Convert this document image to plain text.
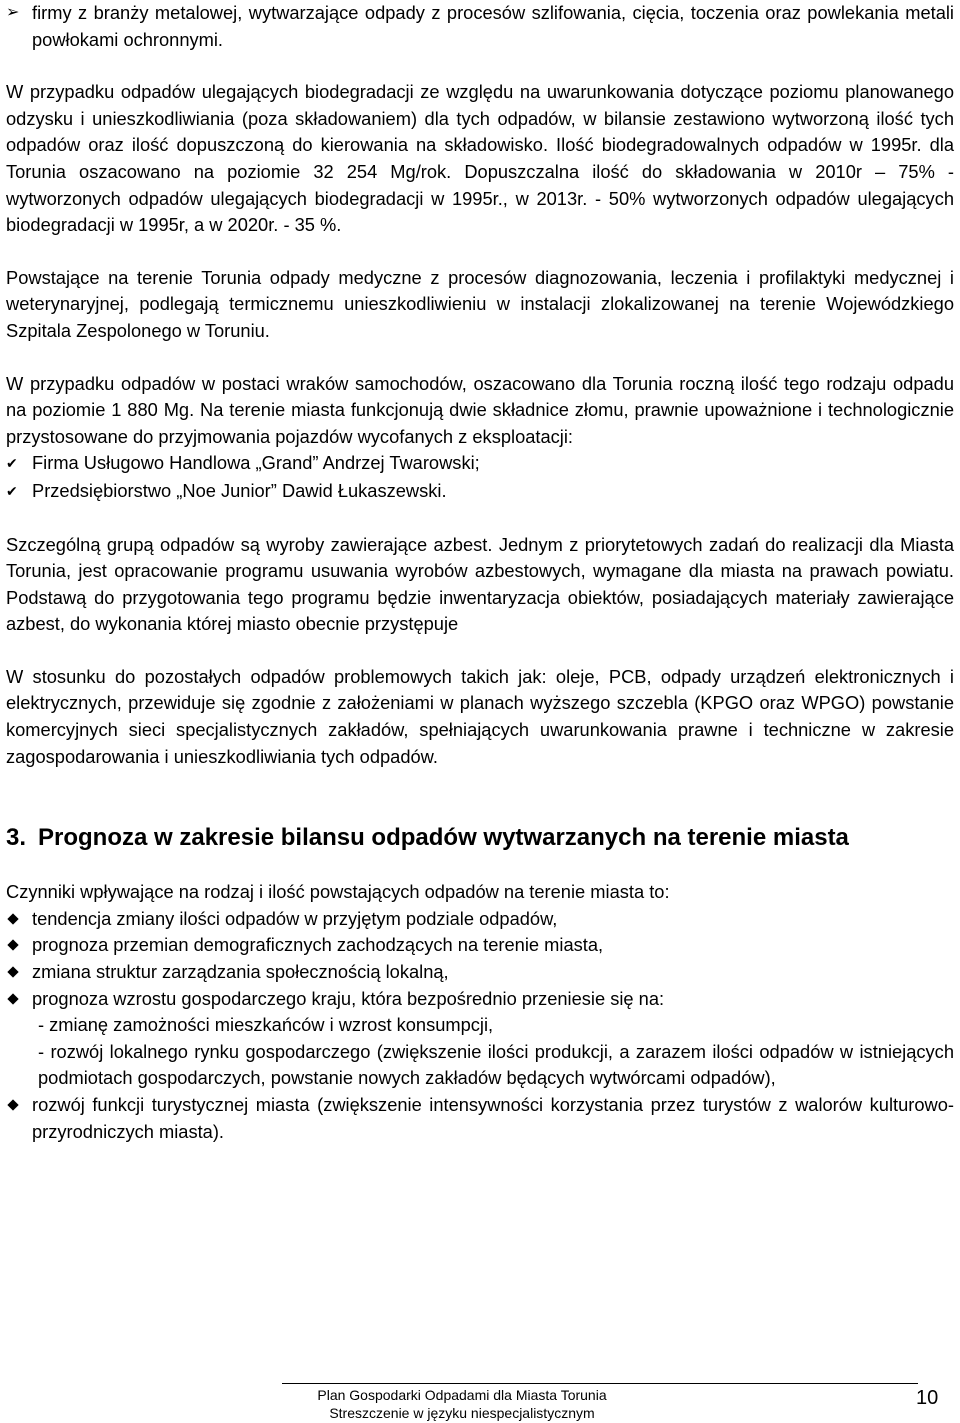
➢
firmy z branży metalowej, wytwarzające odpady z procesów szlifowania, cięcia, toczenia oraz powlekania metali powłokami ochronnymi.

W przypadku odpadów ulegających biodegradacji ze względu na uwarunkowania dotyczące poziomu planowanego odzysku i unieszkodliwiania (poza składowaniem) dla tych odpadów, w bilansie zestawiono wytworzoną ilość tych odpadów oraz ilość dopuszczoną do kierowania na składowisko. Ilość biodegradowalnych odpadów w 1995r. dla Torunia oszacowano na poziomie 32 254 Mg/rok. Dopuszczalna ilość do składowania w 2010r – 75% - wytworzonych odpadów ulegających biodegradacji w 1995r., w 2013r. - 50% wytworzonych odpadów ulegających biodegradacji w 1995r, a w 2020r. - 35 %.

Powstające na terenie Torunia odpady medyczne z procesów diagnozowania, leczenia i profilaktyki medycznej i weterynaryjnej, podlegają termicznemu unieszkodliwieniu w instalacji zlokalizowanej na terenie Wojewódzkiego Szpitala Zespolonego w Toruniu.

W przypadku odpadów w postaci wraków samochodów, oszacowano dla Torunia roczną ilość tego rodzaju odpadu na poziomie 1 880 Mg. Na terenie miasta funkcjonują dwie składnice złomu, prawnie upoważnione i technologicznie przystosowane do przyjmowania pojazdów wycofanych z eksploatacji:

✔
Firma Usługowo Handlowa „Grand” Andrzej Twarowski;
✔
Przedsiębiorstwo „Noe Junior” Dawid Łukaszewski.

Szczególną grupą odpadów są wyroby zawierające azbest. Jednym z priorytetowych zadań do realizacji dla Miasta Torunia, jest opracowanie programu usuwania wyrobów azbestowych, wymagane dla miasta na prawach powiatu. Podstawą do przygotowania tego programu będzie inwentaryzacja obiektów, posiadających materiały zawierające azbest, do wykonania której miasto obecnie przystępuje

W stosunku do pozostałych odpadów problemowych takich jak: oleje, PCB, odpady urządzeń elektronicznych i elektrycznych, przewiduje się zgodnie z założeniami w planach wyższego szczebla (KPGO oraz WPGO) powstanie komercyjnych sieci specjalistycznych zakładów, spełniających uwarunkowania prawne i techniczne w zakresie zagospodarowania i unieszkodliwiania tych odpadów.

3. Prognoza w zakresie bilansu odpadów wytwarzanych na terenie miasta

Czynniki wpływające na rodzaj i ilość powstających odpadów na terenie miasta to:

tendencja zmiany ilości odpadów w przyjętym podziale odpadów,
prognoza przemian demograficznych zachodzących na terenie miasta,
zmiana struktur zarządzania społecznością lokalną,
prognoza wzrostu gospodarczego kraju, która bezpośrednio przeniesie się na:
- zmianę zamożności mieszkańców i wzrost konsumpcji,
- rozwój lokalnego rynku gospodarczego (zwiększenie ilości produkcji, a zarazem ilości odpadów w istniejących podmiotach gospodarczych, powstanie nowych zakładów będących wytwórcami odpadów),
rozwój funkcji turystycznej miasta (zwiększenie intensywności korzystania przez turystów z walorów kulturowo-przyrodniczych miasta).
Plan Gospodarki Odpadami dla Miasta Torunia
Streszczenie w języku niespecjalistycznym
10
